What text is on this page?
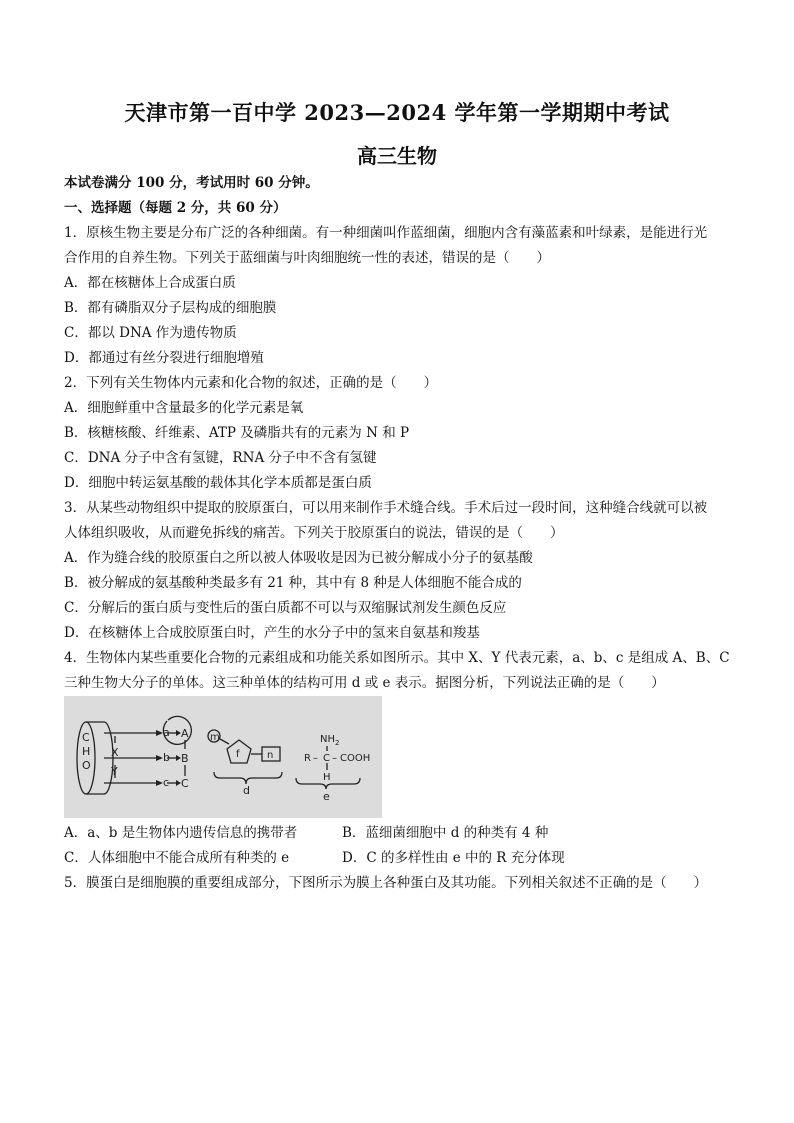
天津市第一百中学 2023—2024 学年第一学期期中考试
高三生物
本试卷满分 100 分，考试用时 60 分钟。
一、选择题（每题 2 分，共 60 分）
1．原核生物主要是分布广泛的各种细菌。有一种细菌叫作蓝细菌，细胞内含有藻蓝素和叶绿素，是能进行光
合作用的自养生物。下列关于蓝细菌与叶肉细胞统一性的表述，错误的是（　　）
A．都在核糖体上合成蛋白质
B．都有磷脂双分子层构成的细胞膜
C．都以 DNA 作为遗传物质
D．都通过有丝分裂进行细胞增殖
2．下列有关生物体内元素和化合物的叙述，正确的是（　　）
A．细胞鲜重中含量最多的化学元素是氧
B．核糖核酸、纤维素、ATP 及磷脂共有的元素为 N 和 P
C．DNA 分子中含有氢键，RNA 分子中不含有氢键
D．细胞中转运氨基酸的载体其化学本质都是蛋白质
3．从某些动物组织中提取的胶原蛋白，可以用来制作手术缝合线。手术后过一段时间，这种缝合线就可以被
人体组织吸收，从而避免拆线的痛苦。下列关于胶原蛋白的说法，错误的是（　　）
A．作为缝合线的胶原蛋白之所以被人体吸收是因为已被分解成小分子的氨基酸
B．被分解成的氨基酸种类最多有 21 种，其中有 8 种是人体细胞不能合成的
C．分解后的蛋白质与变性后的蛋白质都不可以与双缩脲试剂发生颜色反应
D．在核糖体上合成胶原蛋白时，产生的水分子中的氢来自氨基和羧基
4．生物体内某些重要化合物的元素组成和功能关系如图所示。其中 X、Y 代表元素，a、b、c 是组成 A、B、C
三种生物大分子的单体。这三种单体的结构可用 d 或 e 表示。据图分析，下列说法正确的是（　　）
C
H
O
X
Y
a
b
c
A
B
C
m
f	n
d
NH 2
R – C – COOH
H
e
A．a、b 是生物体内遗传信息的携带者	B．蓝细菌细胞中 d 的种类有 4 种
C．人体细胞中不能合成所有种类的 e	D．C 的多样性由 e 中的 R 充分体现
5．膜蛋白是细胞膜的重要组成部分，下图所示为膜上各种蛋白及其功能。下列相关叙述不正确的是（　　）
